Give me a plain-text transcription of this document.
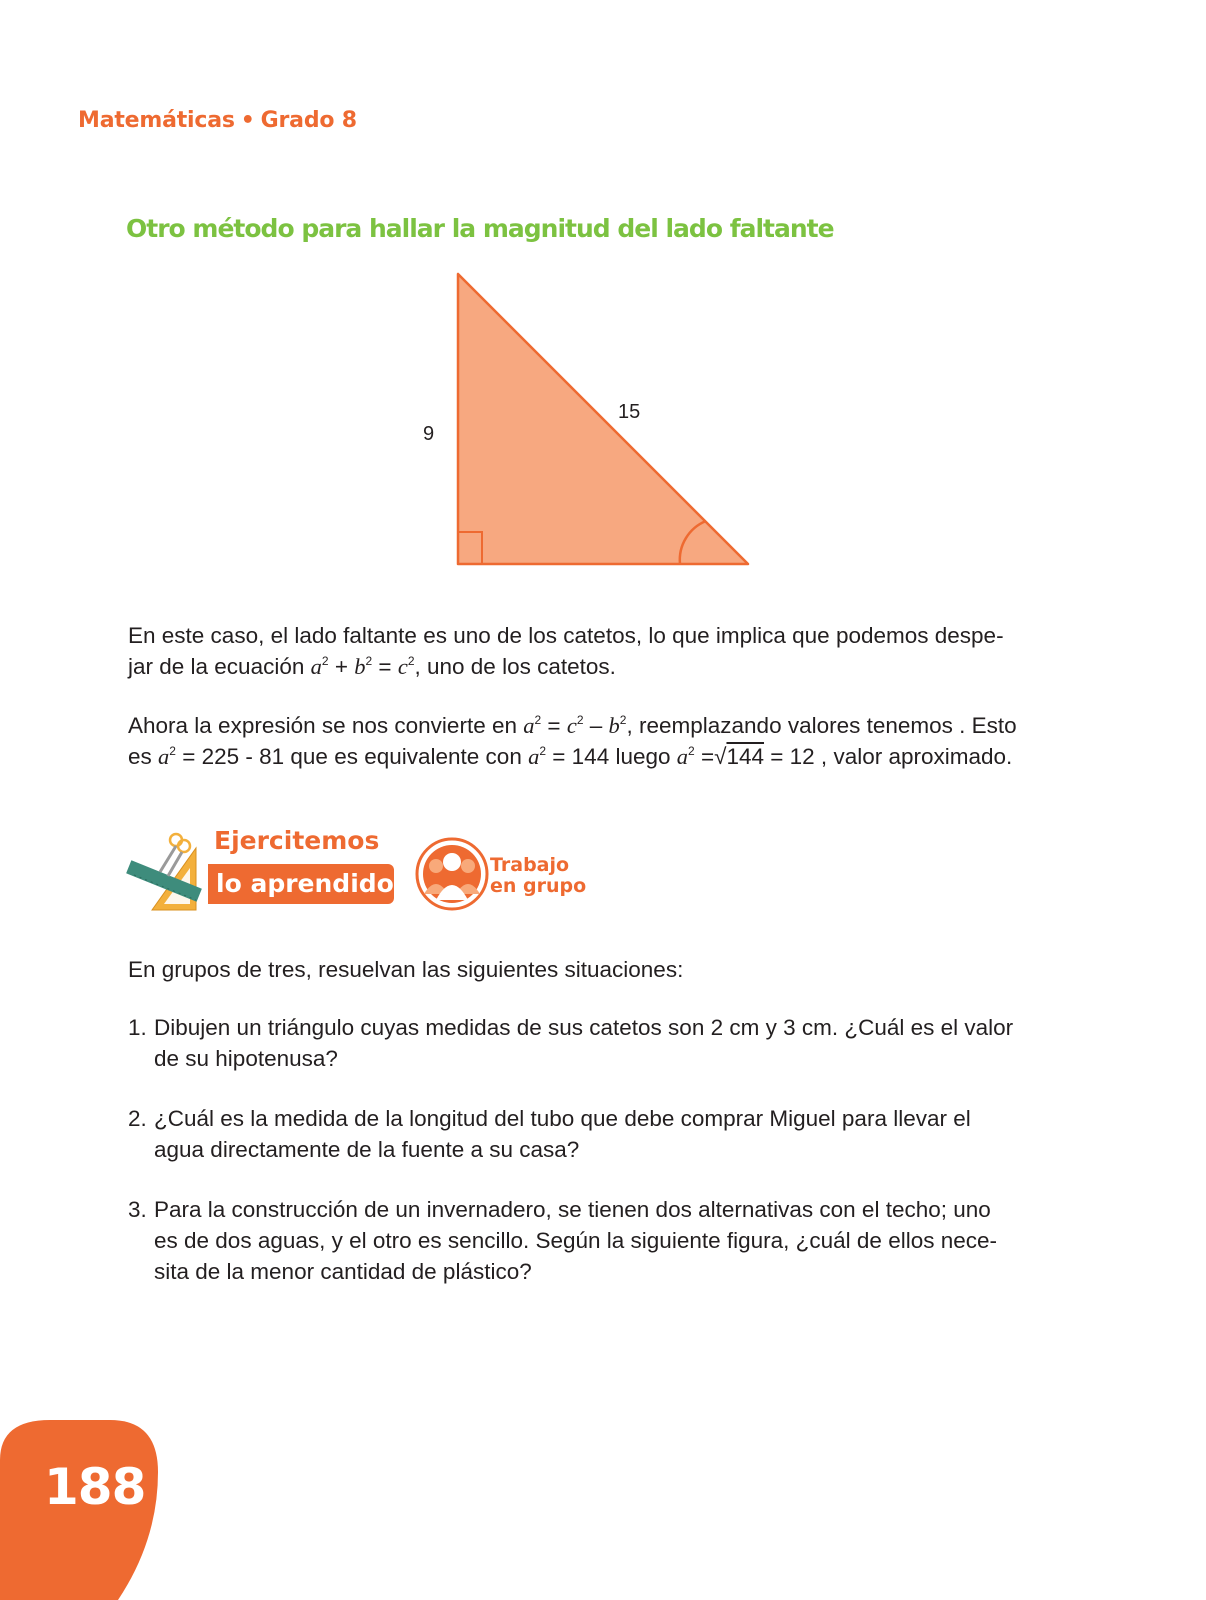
Matemáticas • Grado 8
Otro método para hallar la magnitud del lado faltante
9
15
En este caso, el lado faltante es uno de los catetos, lo que implica que podemos despe-
jar de la ecuación $a^2 + b^2 = c^2$, uno de los catetos.
Ahora la expresión se nos convierte en $a^2 = c^2 - b^2$, reemplazando valores tenemos . Esto
es $a^2 = 225 - 81$ que es equivalente con $a^2 = 144$ luego $a^2 =√144 = 12$ , valor aproximado.
Ejercitemos
lo aprendido
Trabajo
en grupo
En grupos de tres, resuelvan las siguientes situaciones:
1. Dibujen un triángulo cuyas medidas de sus catetos son 2 cm y 3 cm. ¿Cuál es el valor
de su hipotenusa?
2. ¿Cuál es la medida de la longitud del tubo que debe comprar Miguel para llevar el
agua directamente de la fuente a su casa?
3. Para la construcción de un invernadero, se tienen dos alternativas con el techo; uno
es de dos aguas, y el otro es sencillo. Según la siguiente figura, ¿cuál de ellos nece-
sita de la menor cantidad de plástico?
188
